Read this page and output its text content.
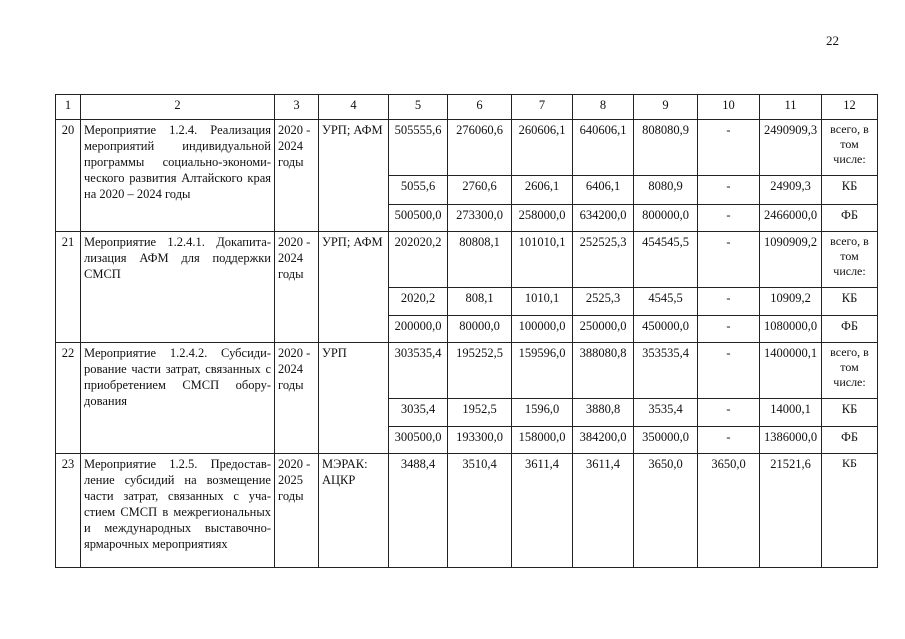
22
1	2	3	4	5	6	7	8	9	10	11	12
20	Мероприятие 1.2.4. Реализация мероприятий индивидуальной программы социально-экономического развития Алтайского края на 2020 – 2024 годы	2020 - 2024 годы	УРП; АФМ	505555,6	276060,6	260606,1	640606,1	808080,9	-	2490909,3	всего, в том числе:
				5055,6	2760,6	2606,1	6406,1	8080,9	-	24909,3	КБ
				500500,0	273300,0	258000,0	634200,0	800000,0	-	2466000,0	ФБ
21	Мероприятие 1.2.4.1. Докапитализация АФМ для поддержки СМСП	2020 - 2024 годы	УРП; АФМ	202020,2	80808,1	101010,1	252525,3	454545,5	-	1090909,2	всего, в том числе:
				2020,2	808,1	1010,1	2525,3	4545,5	-	10909,2	КБ
				200000,0	80000,0	100000,0	250000,0	450000,0	-	1080000,0	ФБ
22	Мероприятие 1.2.4.2. Субсидирование части затрат, связанных с приобретением СМСП оборудования	2020 - 2024 годы	УРП	303535,4	195252,5	159596,0	388080,8	353535,4	-	1400000,1	всего, в том числе:
				3035,4	1952,5	1596,0	3880,8	3535,4	-	14000,1	КБ
				300500,0	193300,0	158000,0	384200,0	350000,0	-	1386000,0	ФБ
23	Мероприятие 1.2.5. Предоставление субсидий на возмещение части затрат, связанных с участием СМСП в межрегиональных и международных выставочно-ярмарочных мероприятиях	2020 - 2025 годы	МЭРАК: АЦКР	3488,4	3510,4	3611,4	3611,4	3650,0	3650,0	21521,6	КБ
